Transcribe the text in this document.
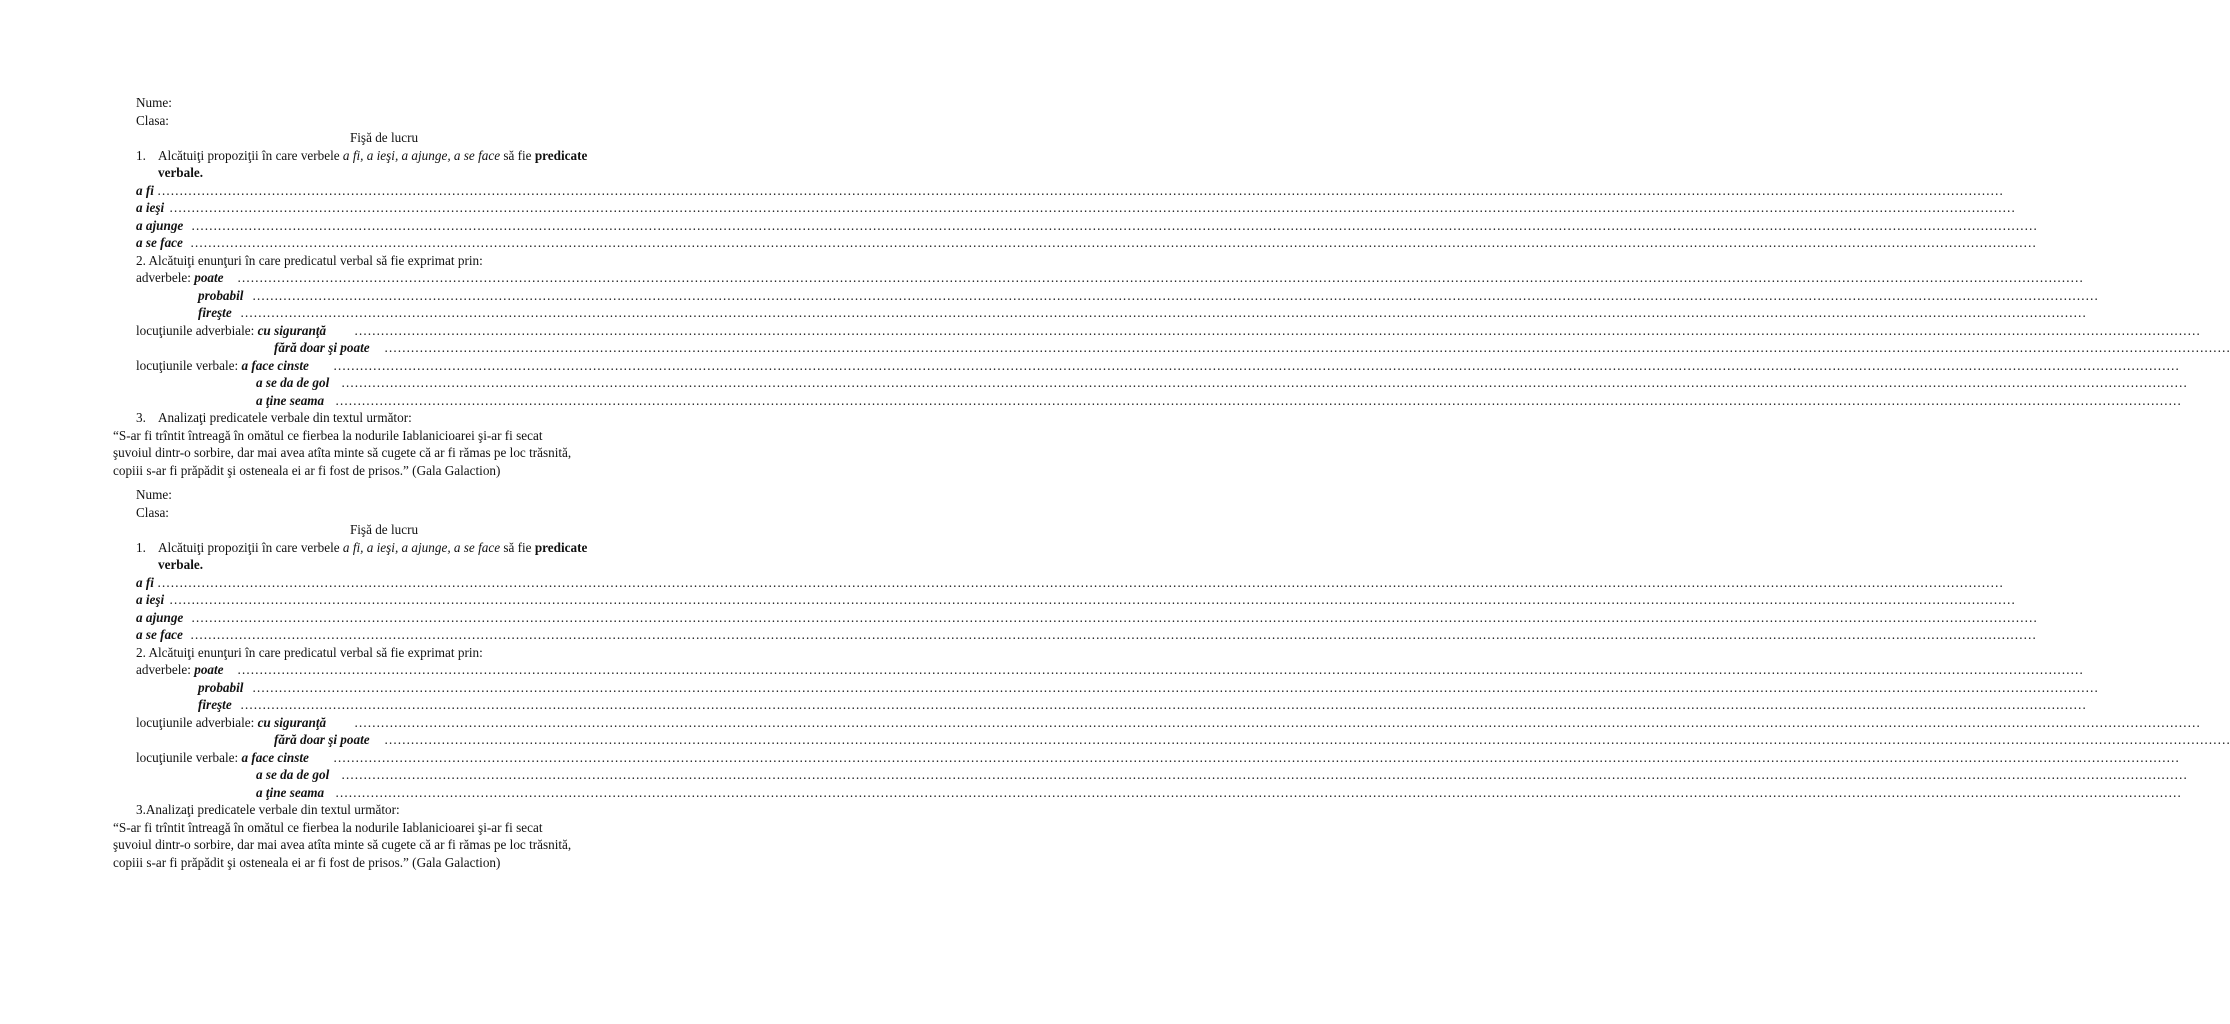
Nume:
Clasa:
Fişă de lucru
1. Alcătuiţi propoziţii în care verbele a fi, a ieşi, a ajunge, a se face să fie predicate
verbale.
a fi ……………………………………………………………………………………………………………………………………………………………………………………………………………………………………………………………………………………………………………………………………………………………………………………
a ieşi ……………………………………………………………………………………………………………………………………………………………………………………………………………………………………………………………………………………………………………………………………………………………………………………
a ajunge ……………………………………………………………………………………………………………………………………………………………………………………………………………………………………………………………………………………………………………………………………………………………………………………
a se face ……………………………………………………………………………………………………………………………………………………………………………………………………………………………………………………………………………………………………………………………………………………………………………………
2. Alcătuiţi enunţuri în care predicatul verbal să fie exprimat prin:
adverbele: poate ……………………………………………………………………………………………………………………………………………………………………………………………………………………………………………………………………………………………………………………………………………………………………………………
probabil ……………………………………………………………………………………………………………………………………………………………………………………………………………………………………………………………………………………………………………………………………………………………………………………
fireşte ……………………………………………………………………………………………………………………………………………………………………………………………………………………………………………………………………………………………………………………………………………………………………………………
locuţiunile adverbiale: cu siguranţă ……………………………………………………………………………………………………………………………………………………………………………………………………………………………………………………………………………………………………………………………………………………………………………………
fără doar şi poate ……………………………………………………………………………………………………………………………………………………………………………………………………………………………………………………………………………………………………………………………………………………………………………………
locuţiunile verbale: a face cinste ……………………………………………………………………………………………………………………………………………………………………………………………………………………………………………………………………………………………………………………………………………………………………………………
a se da de gol ……………………………………………………………………………………………………………………………………………………………………………………………………………………………………………………………………………………………………………………………………………………………………………………
a ţine seama ……………………………………………………………………………………………………………………………………………………………………………………………………………………………………………………………………………………………………………………………………………………………………………………
3. Analizaţi predicatele verbale din textul următor:
“S-ar fi trîntit întreagă în omătul ce fierbea la nodurile Iablanicioarei şi-ar fi secat
şuvoiul dintr-o sorbire, dar mai avea atîta minte să cugete că ar fi rămas pe loc trăsnită,
copiii s-ar fi prăpădit şi osteneala ei ar fi fost de prisos.” (Gala Galaction)
Nume:
Clasa:
Fişă de lucru
1. Alcătuiţi propoziţii în care verbele a fi, a ieşi, a ajunge, a se face să fie predicate
verbale.
a fi ……………………………………………………………………………………………………………………………………………………………………………………………………………………………………………………………………………………………………………………………………………………………………………………
a ieşi ……………………………………………………………………………………………………………………………………………………………………………………………………………………………………………………………………………………………………………………………………………………………………………………
a ajunge ……………………………………………………………………………………………………………………………………………………………………………………………………………………………………………………………………………………………………………………………………………………………………………………
a se face ……………………………………………………………………………………………………………………………………………………………………………………………………………………………………………………………………………………………………………………………………………………………………………………
2. Alcătuiţi enunţuri în care predicatul verbal să fie exprimat prin:
adverbele: poate ……………………………………………………………………………………………………………………………………………………………………………………………………………………………………………………………………………………………………………………………………………………………………………………
probabil ……………………………………………………………………………………………………………………………………………………………………………………………………………………………………………………………………………………………………………………………………………………………………………………
fireşte ……………………………………………………………………………………………………………………………………………………………………………………………………………………………………………………………………………………………………………………………………………………………………………………
locuţiunile adverbiale: cu siguranţă ……………………………………………………………………………………………………………………………………………………………………………………………………………………………………………………………………………………………………………………………………………………………………………………
fără doar şi poate ……………………………………………………………………………………………………………………………………………………………………………………………………………………………………………………………………………………………………………………………………………………………………………………
locuţiunile verbale: a face cinste ……………………………………………………………………………………………………………………………………………………………………………………………………………………………………………………………………………………………………………………………………………………………………………………
a se da de gol ……………………………………………………………………………………………………………………………………………………………………………………………………………………………………………………………………………………………………………………………………………………………………………………
a ţine seama ……………………………………………………………………………………………………………………………………………………………………………………………………………………………………………………………………………………………………………………………………………………………………………………
3.Analizaţi predicatele verbale din textul următor:
“S-ar fi trîntit întreagă în omătul ce fierbea la nodurile Iablanicioarei şi-ar fi secat
şuvoiul dintr-o sorbire, dar mai avea atîta minte să cugete că ar fi rămas pe loc trăsnită,
copiii s-ar fi prăpădit şi osteneala ei ar fi fost de prisos.” (Gala Galaction)
